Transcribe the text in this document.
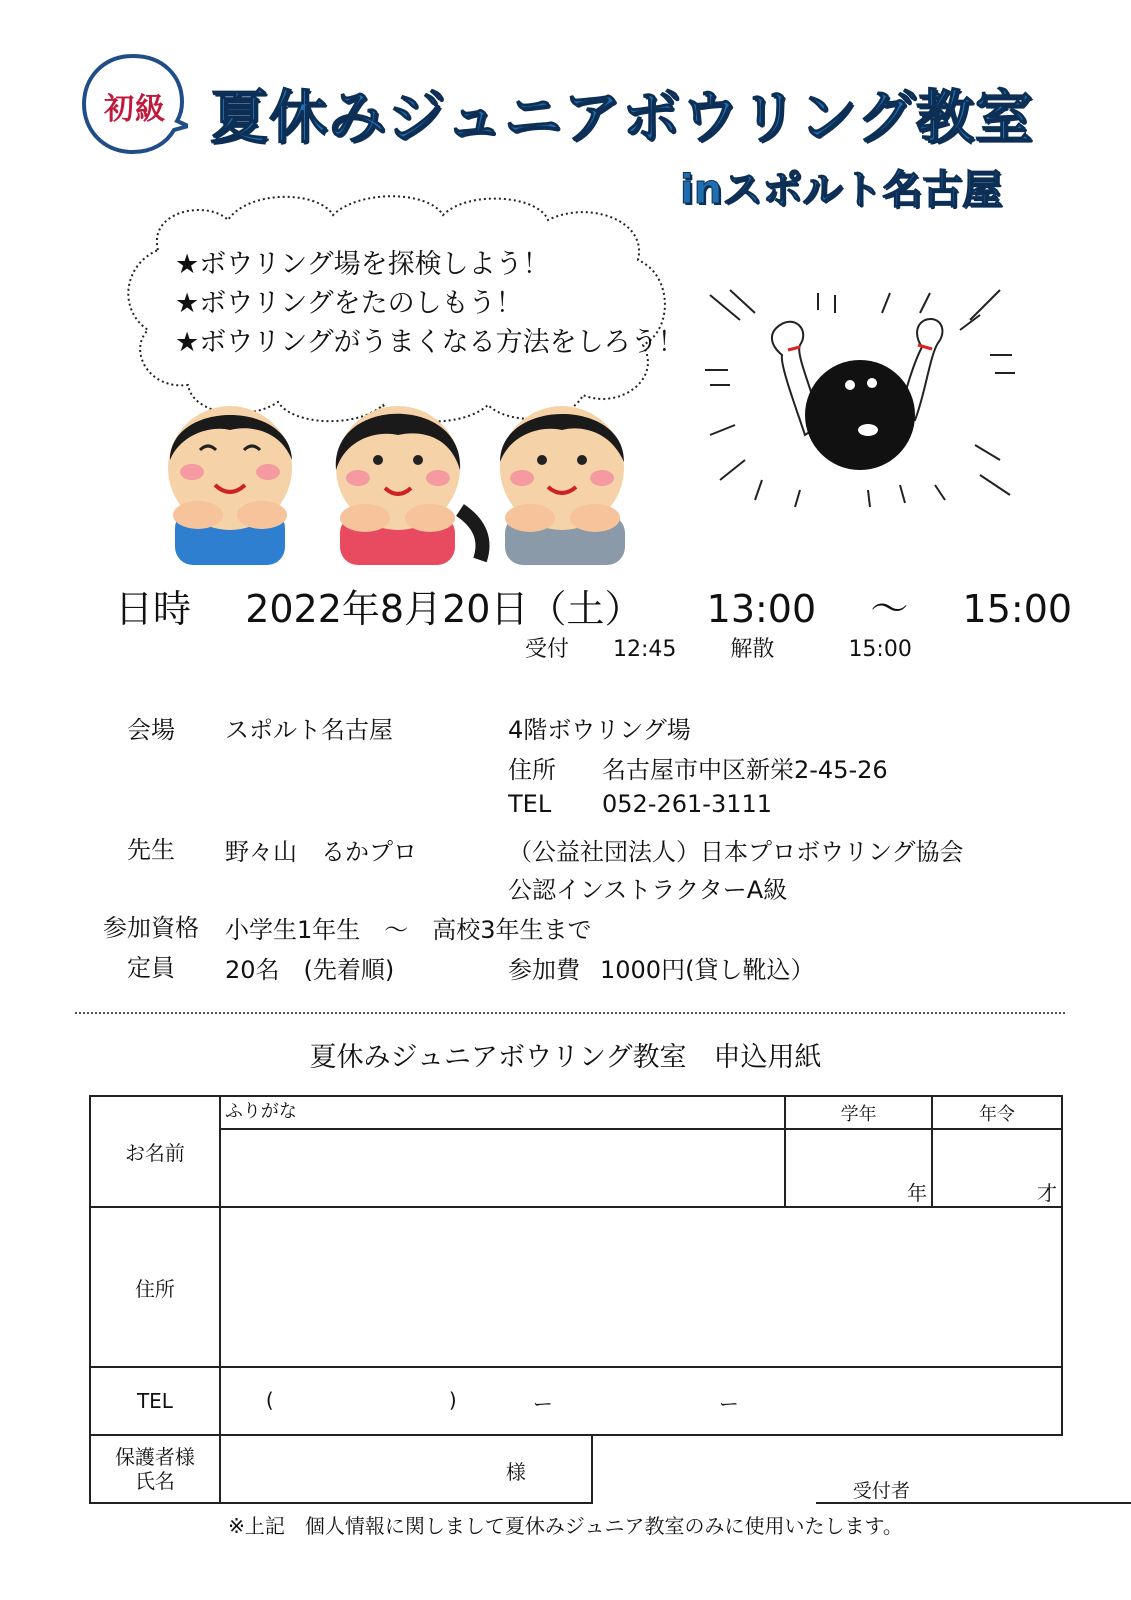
初級 夏休みジュニアボウリング教室
inスポルト名古屋
★ボウリング場を探検しよう！
★ボウリングをたのしもう！
★ボウリングがうまくなる方法をしろう！
日時 2022年8月20日（土） 13:00 ～ 15:00
受付 12:45 解散	15:00
会場 スポルト名古屋	4階ボウリング場
住所 名古屋市中区新栄2-45-26
TEL 052-261-3111
先生 野々山　るかプロ	（公益社団法人）日本プロボウリング協会
公認インストラクターA級
参加資格 小学生1年生　～　高校3年生まで
定員 20名　(先着順)	参加費 1000円(貸し靴込）
夏休みジュニアボウリング教室　申込用紙
お名前	ふりがな	学年	年令
		年	才
住所			
TEL	( ) ー ー		

保護者様
氏名	様
受付者		
※上記　個人情報に関しまして夏休みジュニア教室のみに使用いたします。
